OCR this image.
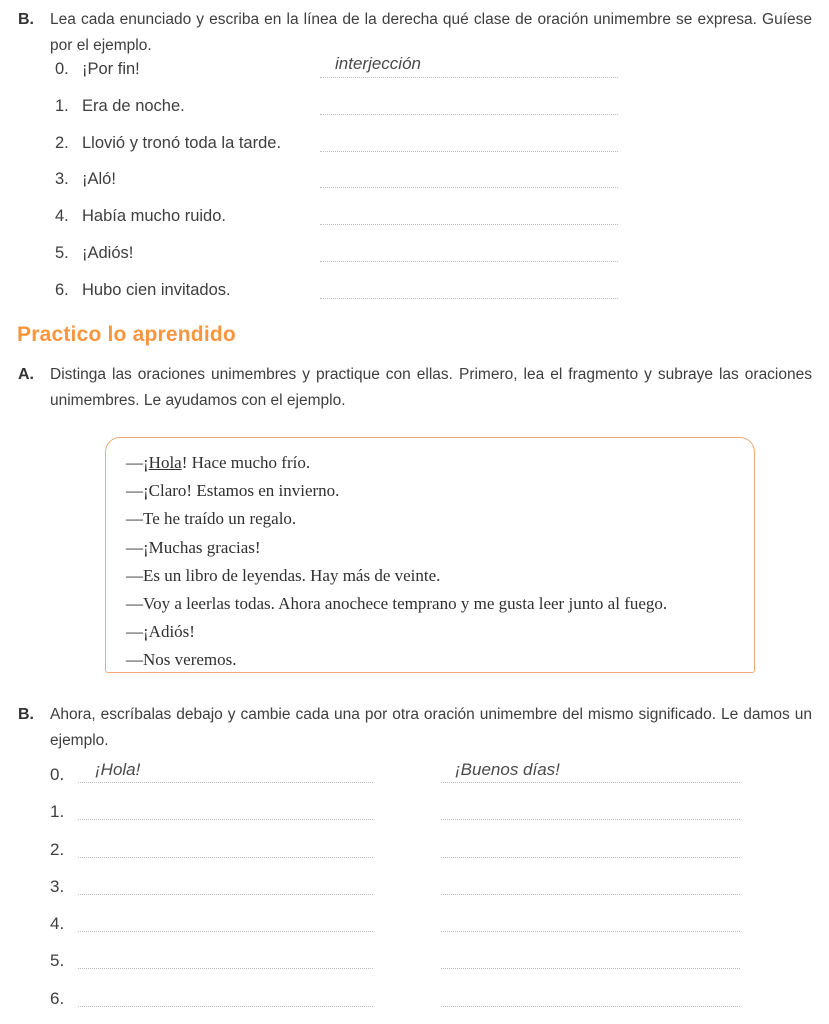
B.	Lea cada enunciado y escriba en la línea de la derecha qué clase de oración unimembre se expresa. Guíese por el ejemplo.

0. ¡Por fin!	interjección
1. Era de noche.
2. Llovió y tronó toda la tarde.
3. ¡Aló!
4. Había mucho ruido.
5. ¡Adiós!
6. Hubo cien invitados.
Practico lo aprendido
A.	Distinga las oraciones unimembres y practique con ellas. Primero, lea el fragmento y subraye las oraciones unimembres. Le ayudamos con el ejemplo.

—¡Hola! Hace mucho frío.
—¡Claro! Estamos en invierno.
—Te he traído un regalo.
—¡Muchas gracias!
—Es un libro de leyendas. Hay más de veinte.
—Voy a leerlas todas. Ahora anochece temprano y me gusta leer junto al fuego.
—¡Adiós!
—Nos veremos.
B.	Ahora, escríbalas debajo y cambie cada una por otra oración unimembre del mismo significado. Le damos un ejemplo.

0. ¡Hola!	¡Buenos días!
1.
2.
3.
4.
5.
6.
